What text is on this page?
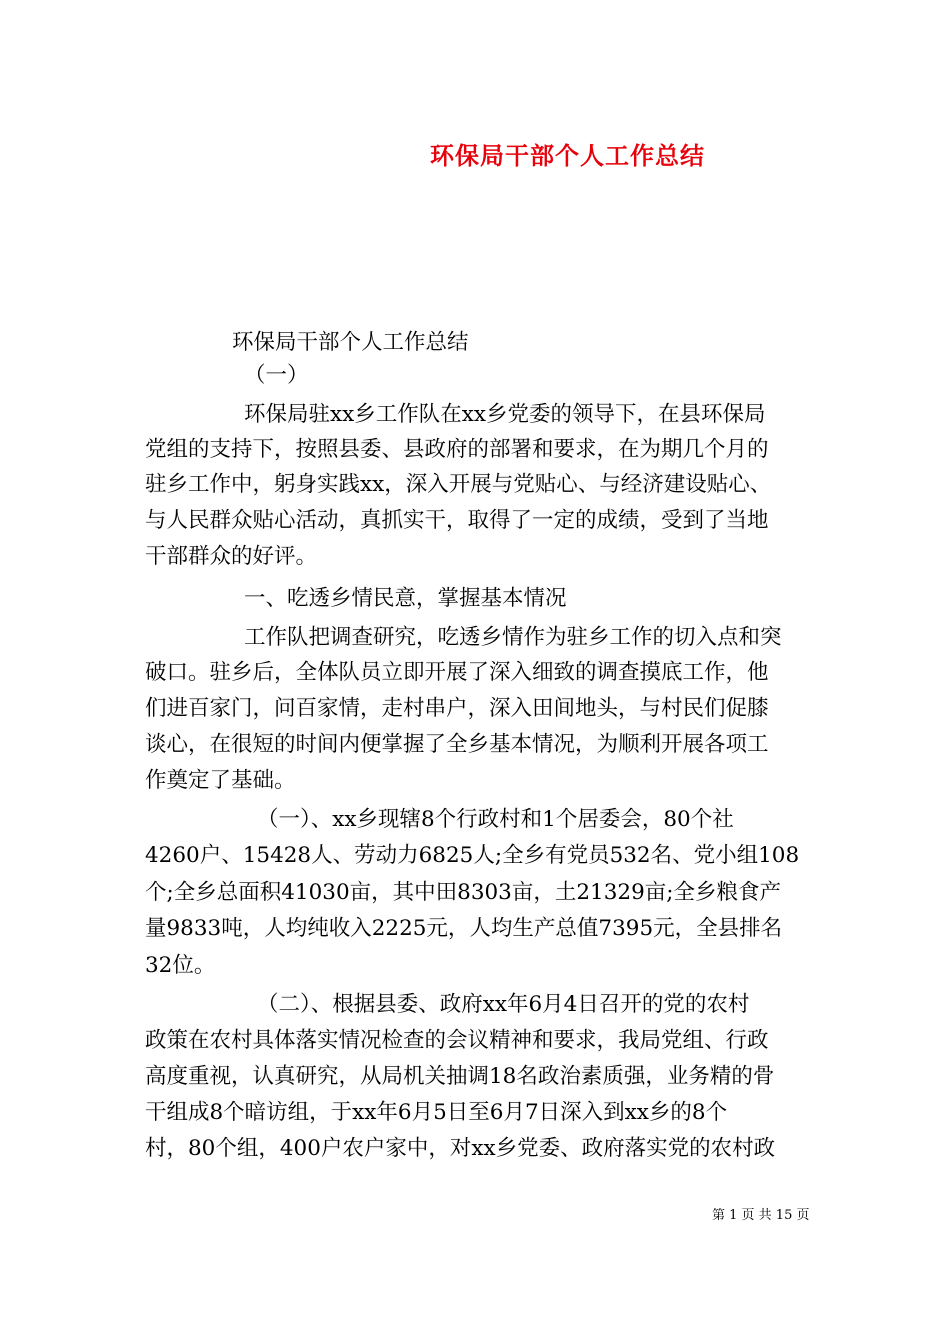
环保局干部个人工作总结

环保局干部个人工作总结

（一）

环保局驻xx乡工作队在xx乡党委的领导下，在县环保局

党组的支持下，按照县委、县政府的部署和要求，在为期几个月的

驻乡工作中，躬身实践xx，深入开展与党贴心、与经济建设贴心、

与人民群众贴心活动，真抓实干，取得了一定的成绩，受到了当地

干部群众的好评。

一、吃透乡情民意，掌握基本情况

工作队把调查研究，吃透乡情作为驻乡工作的切入点和突

破口。驻乡后，全体队员立即开展了深入细致的调查摸底工作，他

们进百家门，问百家情，走村串户，深入田间地头，与村民们促膝

谈心，在很短的时间内便掌握了全乡基本情况，为顺利开展各项工

作奠定了基础。

（一）、xx乡现辖8个行政村和1个居委会，80个社

4260户、15428人、劳动力6825人;全乡有党员532名、党小组108

个;全乡总面积41030亩，其中田8303亩，土21329亩;全乡粮食产

量9833吨，人均纯收入2225元，人均生产总值7395元，全县排名

32位。

（二）、根据县委、政府xx年6月4日召开的党的农村

政策在农村具体落实情况检查的会议精神和要求，我局党组、行政

高度重视，认真研究，从局机关抽调18名政治素质强，业务精的骨

干组成8个暗访组，于xx年6月5日至6月7日深入到xx乡的8个

村，80个组，400户农户家中，对xx乡党委、政府落实党的农村政

第 1 页 共 15 页
